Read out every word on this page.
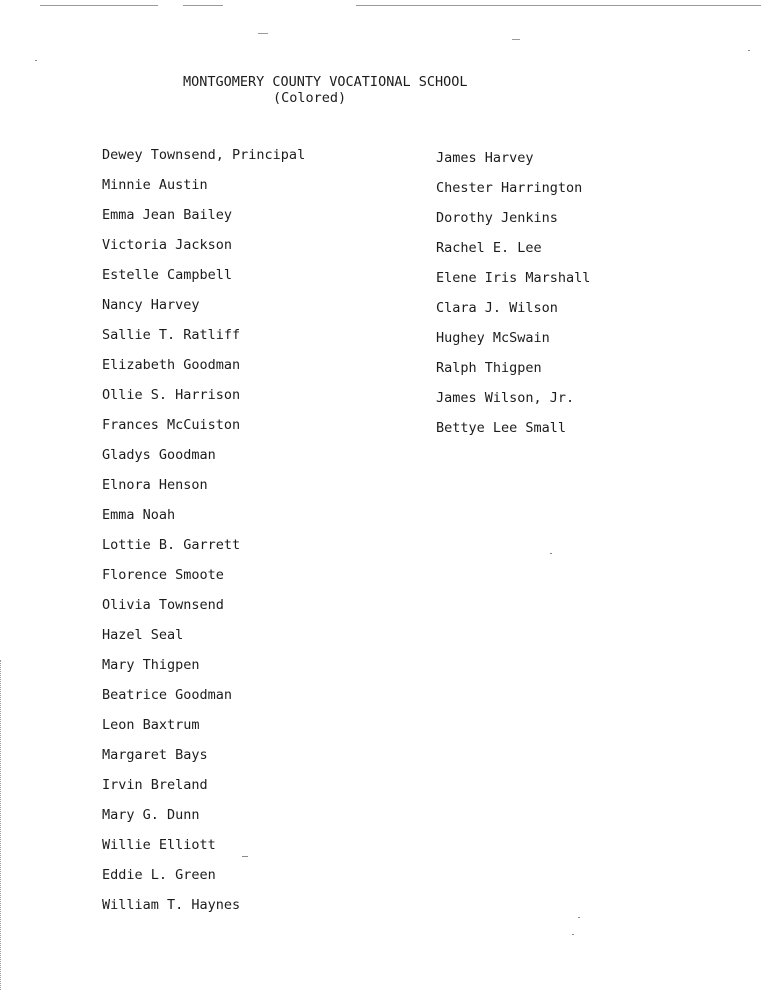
MONTGOMERY COUNTY VOCATIONAL SCHOOL
(Colored)
Dewey Townsend, Principal
Minnie Austin
Emma Jean Bailey
Victoria Jackson
Estelle Campbell
Nancy Harvey
Sallie T. Ratliff
Elizabeth Goodman
Ollie S. Harrison
Frances McCuiston
Gladys Goodman
Elnora Henson
Emma Noah
Lottie B. Garrett
Florence Smoote
Olivia Townsend
Hazel Seal
Mary Thigpen
Beatrice Goodman
Leon Baxtrum
Margaret Bays
Irvin Breland
Mary G. Dunn
Willie Elliott
Eddie L. Green
William T. Haynes
James Harvey
Chester Harrington
Dorothy Jenkins
Rachel E. Lee
Elene Iris Marshall
Clara J. Wilson
Hughey McSwain
Ralph Thigpen
James Wilson, Jr.
Bettye Lee Small
